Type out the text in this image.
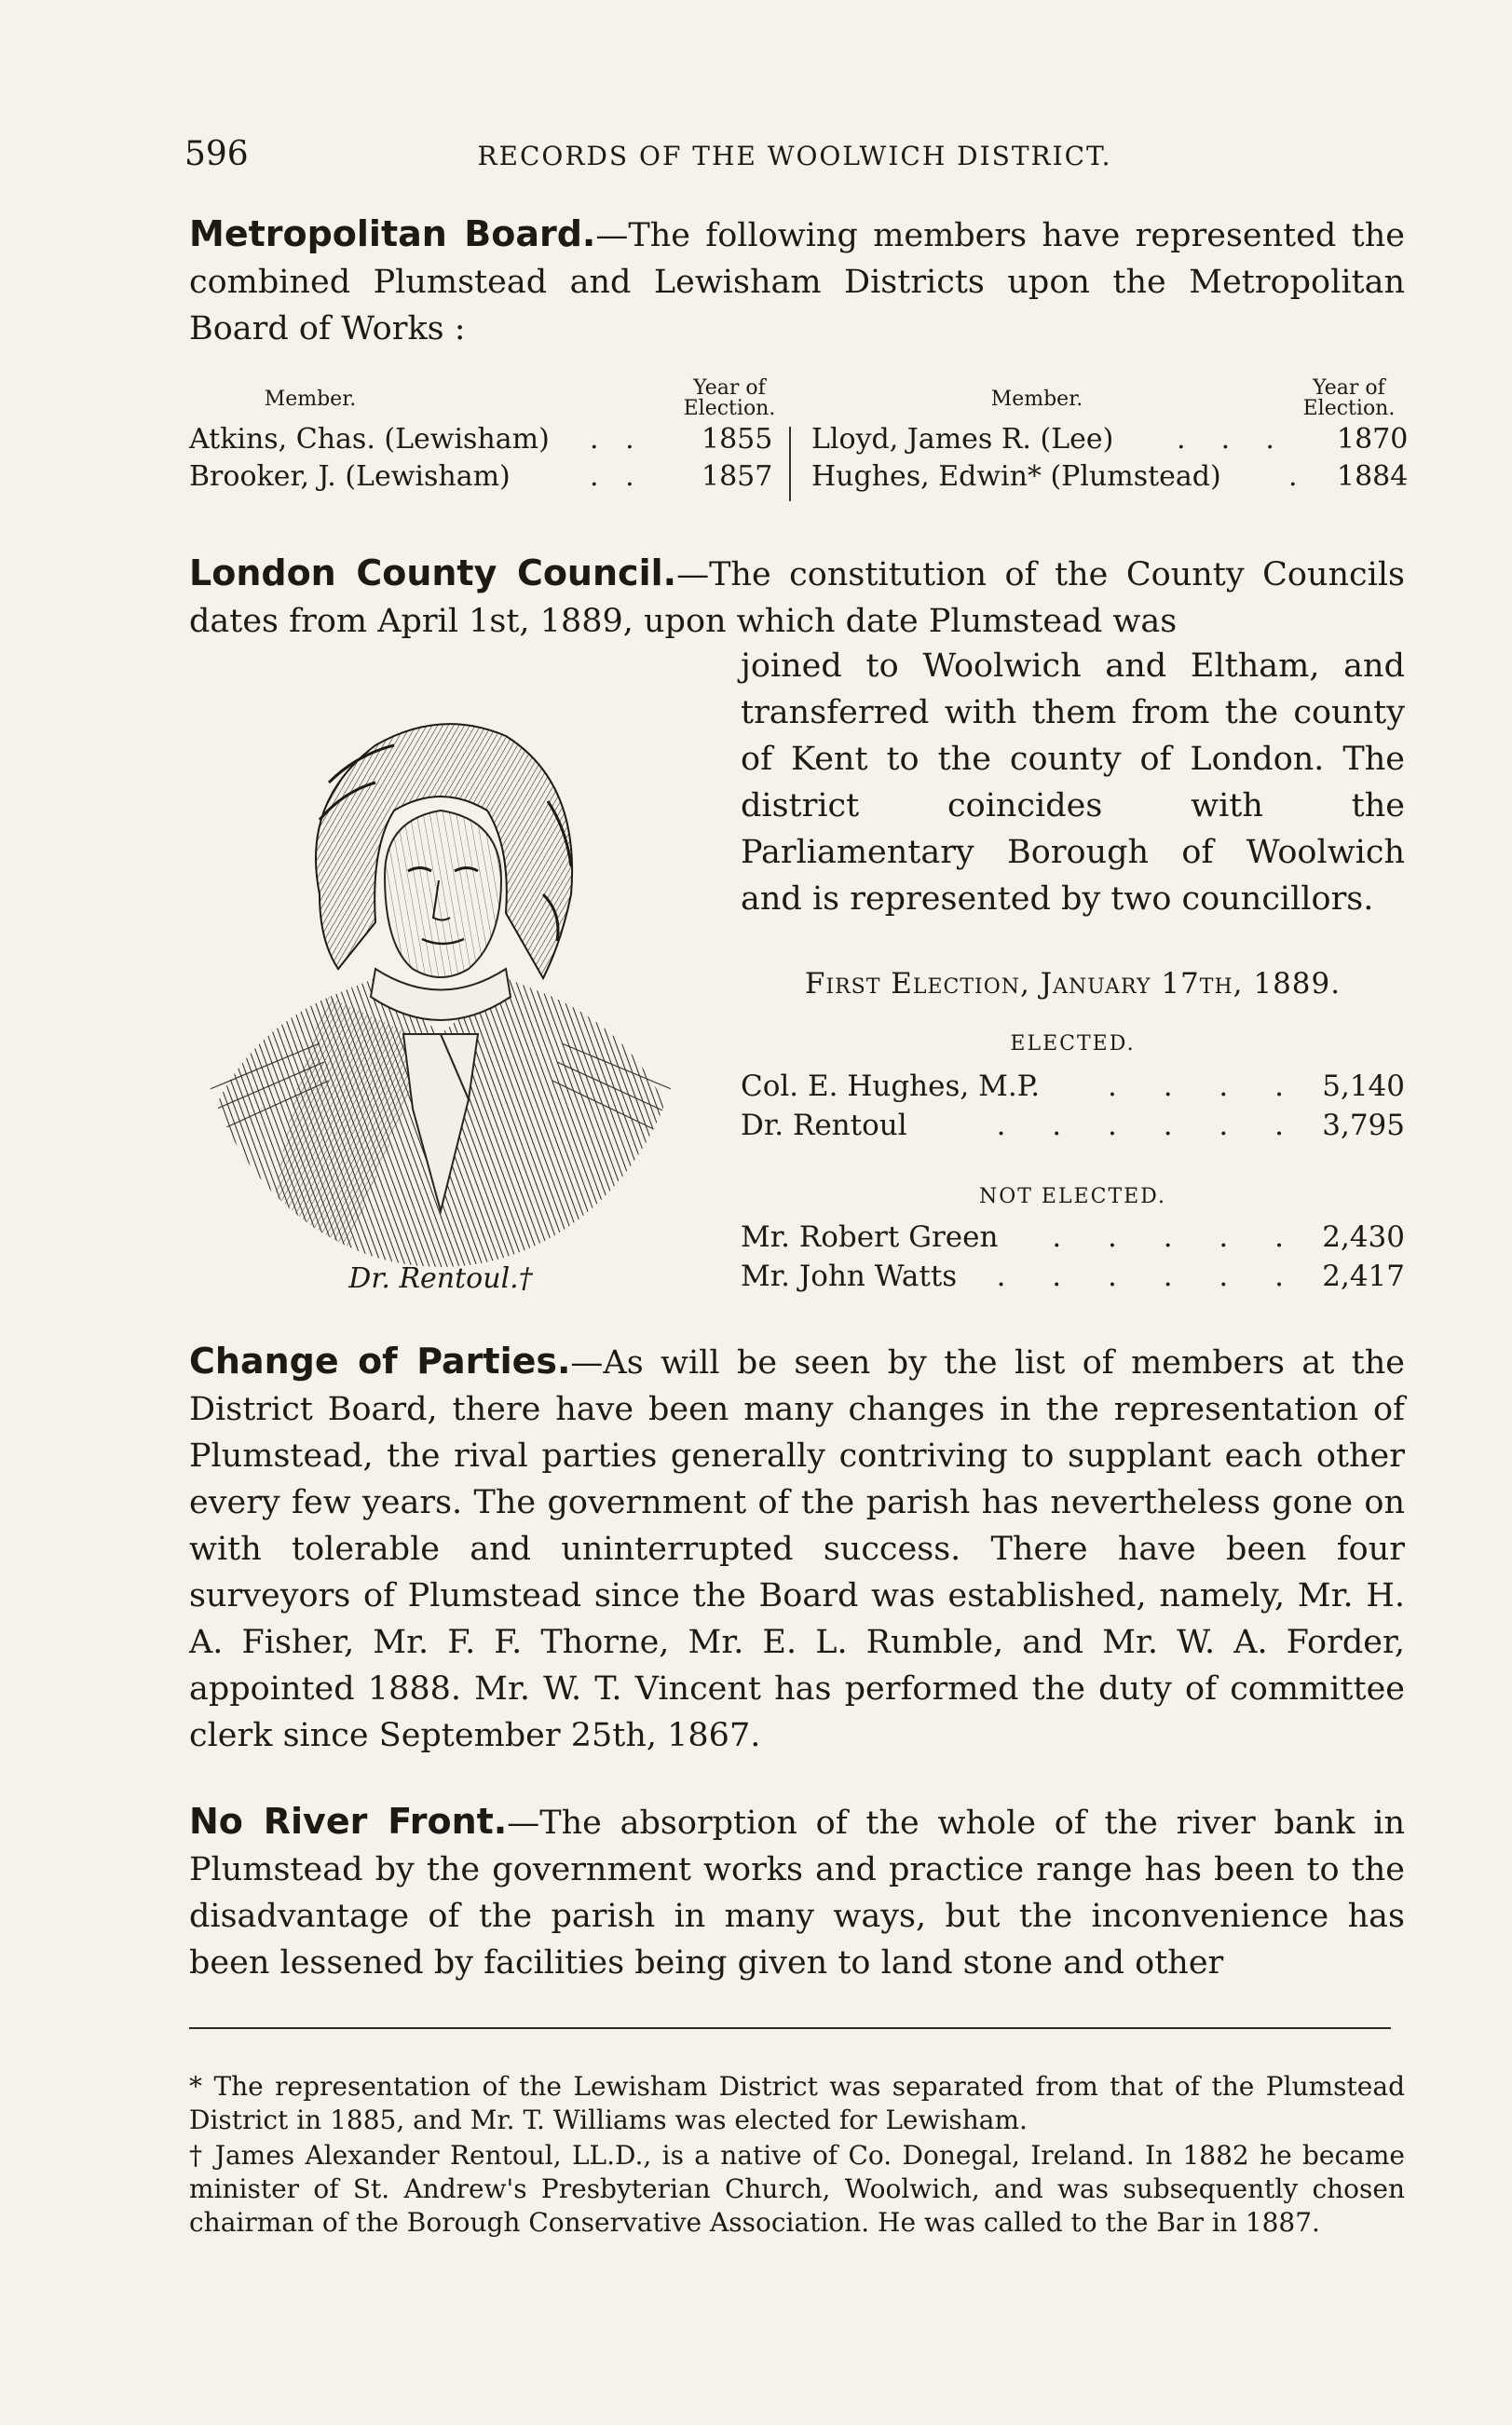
596	RECORDS OF THE WOOLWICH DISTRICT.
Metropolitan Board.—The following members have represented the combined Plumstead and Lewisham Districts upon the Metropolitan Board of Works :
Member.	Year of Election.	Member.	Year of Election.
Atkins, Chas. (Lewisham) .   . 1855 Lloyd, James R. (Lee) .    .    . 1870
Brooker, J. (Lewisham)	.   . 1857 Hughes, Edwin* (Plumstead) . 1884
London County Council.—The constitution of the County Councils dates from April 1st, 1889, upon which date Plumstead was
joined to Woolwich and Eltham, and transferred with them from the county of Kent to the county of London. The district coincides with the Parliamentary Borough of Woolwich and is represented by two councillors.
Dr. Rentoul.†
First Election, January 17th, 1889.
ELECTED.
Col. E. Hughes, M.P.	. . . . 5,140
Dr. Rentoul	. . . . . . 3,795
NOT ELECTED.
Mr. Robert Green	. . . . . 2,430
Mr. John Watts	. . . . . . 2,417
Change of Parties.—As will be seen by the list of members at the District Board, there have been many changes in the representation of Plumstead, the rival parties generally contriving to supplant each other every few years. The government of the parish has nevertheless gone on with tolerable and uninterrupted success. There have been four surveyors of Plumstead since the Board was established, namely, Mr. H. A. Fisher, Mr. F. F. Thorne, Mr. E. L. Rumble, and Mr. W. A. Forder, appointed 1888. Mr. W. T. Vincent has performed the duty of committee clerk since September 25th, 1867.
No River Front.—The absorption of the whole of the river bank in Plumstead by the government works and practice range has been to the disadvantage of the parish in many ways, but the inconvenience has been lessened by facilities being given to land stone and other
* The representation of the Lewisham District was separated from that of the Plumstead District in 1885, and Mr. T. Williams was elected for Lewisham.
† James Alexander Rentoul, LL.D., is a native of Co. Donegal, Ireland. In 1882 he became minister of St. Andrew's Presbyterian Church, Woolwich, and was subsequently chosen chairman of the Borough Conservative Association. He was called to the Bar in 1887.
